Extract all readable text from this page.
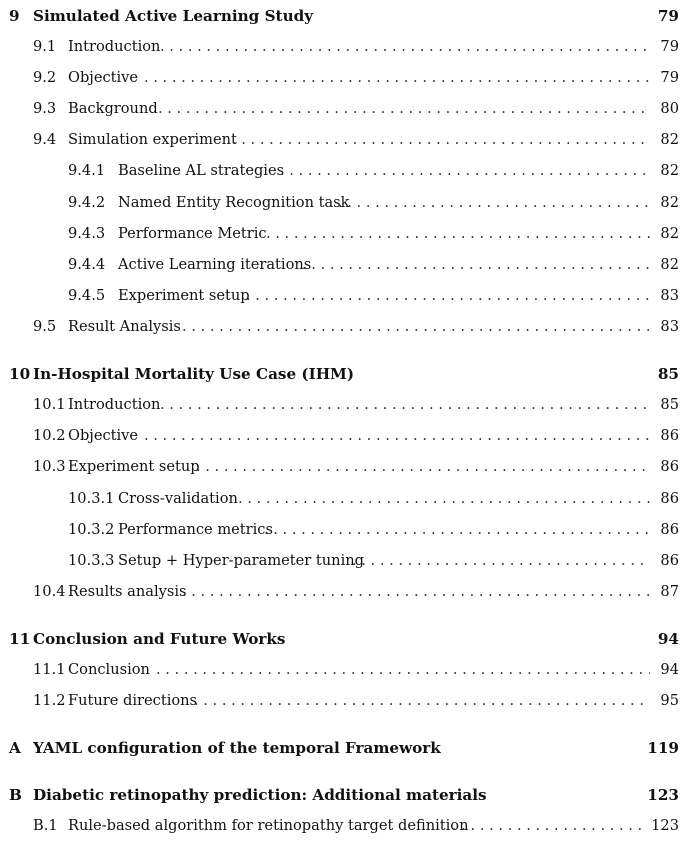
9 Simulated Active Learning Study	79
9.1 Introduction . . .	79
9.2 Objective . . .	79
9.3 Background . . .	80
9.4 Simulation experiment . . .	82
9.4.1 Baseline AL strategies . . .	82
9.4.2 Named Entity Recognition task . . .	82
9.4.3 Performance Metric . . .	82
9.4.4 Active Learning iterations . . .	82
9.4.5 Experiment setup . . .	83
9.5 Result Analysis . . .	83
10 In-Hospital Mortality Use Case (IHM)	85
10.1 Introduction . . .	85
10.2 Objective . . .	86
10.3 Experiment setup . . .	86
10.3.1 Cross-validation . . .	86
10.3.2 Performance metrics . . .	86
10.3.3 Setup + Hyper-parameter tuning . . .	86
10.4 Results analysis . . .	87
11 Conclusion and Future Works	94
11.1 Conclusion . . .	94
11.2 Future directions . . .	95
A YAML configuration of the temporal Framework	119
B Diabetic retinopathy prediction: Additional materials	123
B.1 Rule-based algorithm for retinopathy target definition . . .	123
